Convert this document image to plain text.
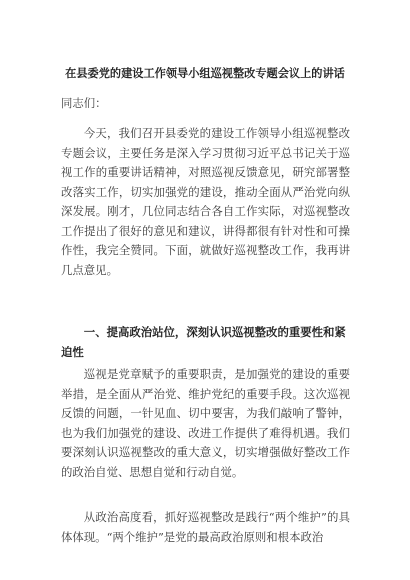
在县委党的建设工作领导小组巡视整改专题会议上的讲话
同志们：

今天，我们召开县委党的建设工作领导小组巡视整改专题会议，主要任务是深入学习贯彻习近平总书记关于巡视工作的重要讲话精神，对照巡视反馈意见，研究部署整改落实工作，切实加强党的建设，推动全面从严治党向纵深发展。刚才，几位同志结合各自工作实际，对巡视整改工作提出了很好的意见和建议，讲得都很有针对性和可操作性，我完全赞同。下面，就做好巡视整改工作，我再讲几点意见。

一、提高政治站位，深刻认识巡视整改的重要性和紧迫性

巡视是党章赋予的重要职责，是加强党的建设的重要举措，是全面从严治党、维护党纪的重要手段。这次巡视反馈的问题，一针见血、切中要害，为我们敲响了警钟，也为我们加强党的建设、改进工作提供了难得机遇。我们要深刻认识巡视整改的重大意义，切实增强做好整改工作的政治自觉、思想自觉和行动自觉。

从政治高度看，抓好巡视整改是践行“两个维护”的具体体现。“两个维护”是党的最高政治原则和根本政治
